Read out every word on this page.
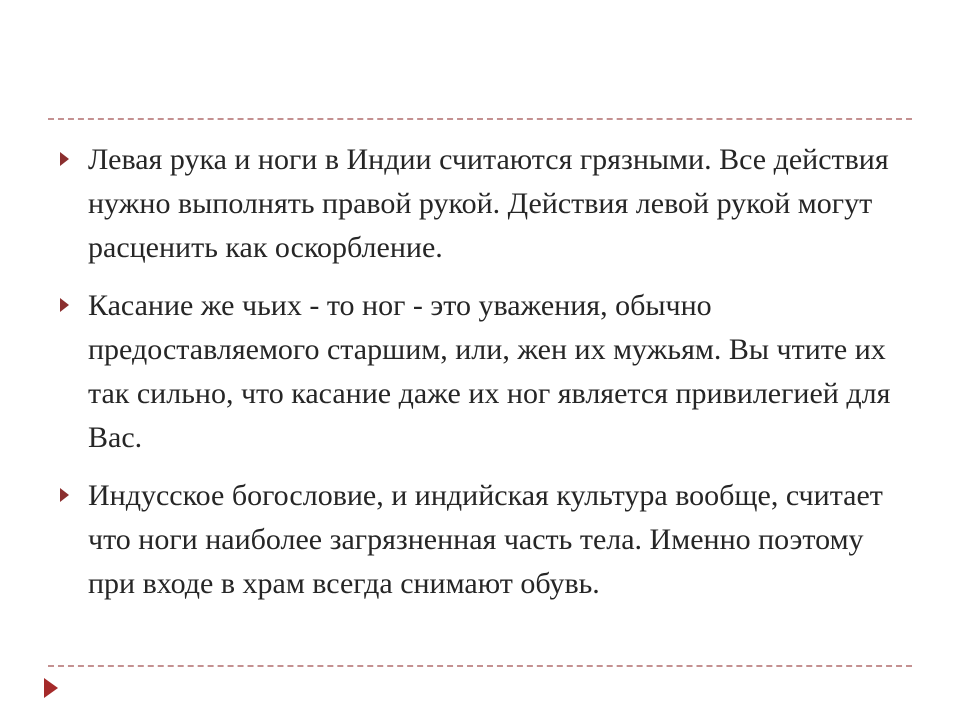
Левая рука и ноги в Индии считаются грязными. Все действия нужно выполнять правой рукой. Действия левой рукой могут расценить как оскорбление.
Касание же чьих - то ног - это уважения, обычно предоставляемого старшим, или, жен их мужьям. Вы чтите их так сильно, что касание даже их ног является привилегией для Вас.
Индусское богословие, и индийская культура вообще, считает что ноги наиболее загрязненная часть тела. Именно поэтому при входе в храм всегда снимают обувь.
